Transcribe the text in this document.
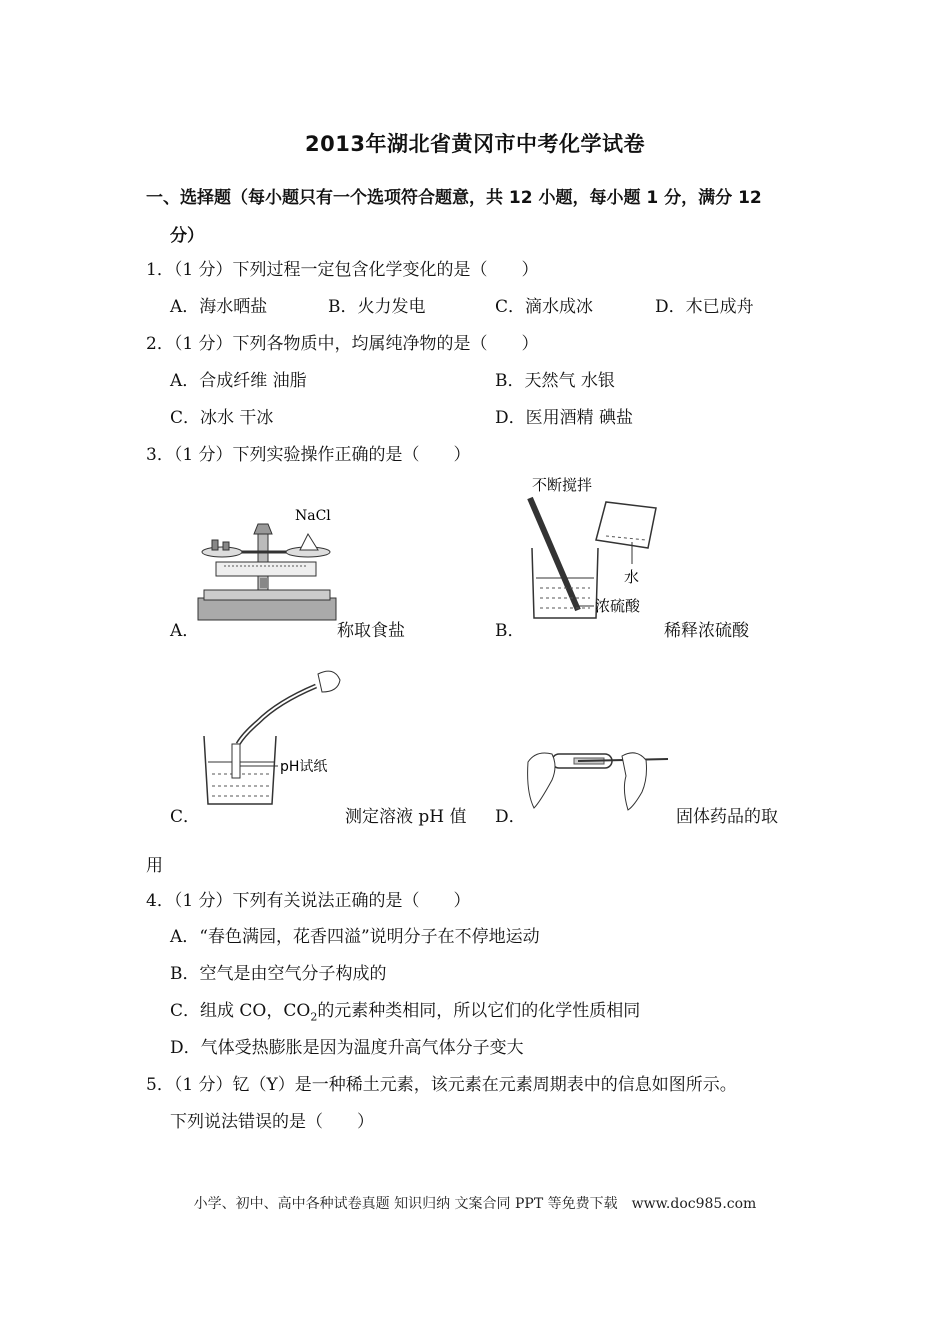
2013年湖北省黄冈市中考化学试卷
一、选择题（每小题只有一个选项符合题意，共 12 小题，每小题 1 分，满分 12
分）
1．（1 分）下列过程一定包含化学变化的是（　　）
A．海水晒盐	B．火力发电	C．滴水成冰	D．木已成舟
2．（1 分）下列各物质中，均属纯净物的是（　　）
A．合成纤维 油脂	B．天然气 水银
C．冰水 干冰	D．医用酒精 碘盐
3．（1 分）下列实验操作正确的是（　　）
NaCl
A．	称取食盐
不断搅拌
水
浓硫酸
B．	稀释浓硫酸
pH试纸
C．	测定溶液 pH 值 D．	固体药品的取
用
4．（1 分）下列有关说法正确的是（　　）
A．“春色满园，花香四溢”说明分子在不停地运动
B．空气是由空气分子构成的
C．组成 CO，$CO_2$的元素种类相同，所以它们的化学性质相同
D．气体受热膨胀是因为温度升高气体分子变大
5．（1 分）钇（Y）是一种稀土元素，该元素在元素周期表中的信息如图所示。
下列说法错误的是（　　）
小学、初中、高中各种试卷真题 知识归纳 文案合同 PPT 等免费下载　www.doc985.com
